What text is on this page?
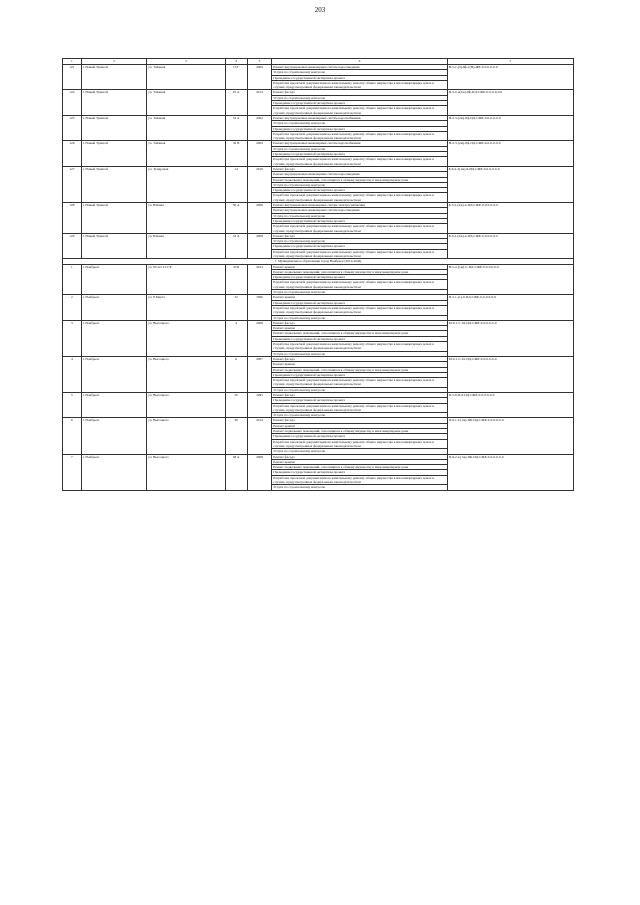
203
1	2	3	4	5	6	7
121	г. Новый Уренгой	ул. Таёжная	13 Г	2004	Ремонт внутридомовых инженерных систем водоотведения	Н-5-1-(3)-8ф-1(Н)-ЖЕ-0-0-0-0-0-0
					Услуги по строительному контролю	
					Проведение государственной экспертизы проекта	
					Разработка проектной документации на капитальному ремонту общего имущества в многоквартирных домах в случаях, предусмотренных федеральным законодательством	
124	г. Новый Уренгой	ул. Таёжная	25 А	2013	Ремонт фасада	Н-3-0-4(1ж)-8ф-ПД-СЖЕ-0-0-0-0-0-0
					Услуги по строительному контролю	
					Проведение государственной экспертизы проекта	
					Разработка проектной документации на капитальному ремонту общего имущества в многоквартирных домах в случаях, предусмотренных федеральным законодательством	
125	г. Новый Уренгой	ул. Таёжная	32 А	2004	Ремонт внутридомовых инженерных систем водоснабжения	Н-2-3-(2ж)-8ф-ПД-СЖЕ-0-0-0-0-0-0
					Услуги по строительному контролю	
					Проведение государственной экспертизы проекта	
					Разработка проектной документации на капитальному ремонту общего имущества в многоквартирных домах в случаях, предусмотренных федеральным законодательством	
126	г. Новый Уренгой	ул. Таёжная	32 В	2004	Ремонт внутридомовых инженерных систем водоснабжения	Н-2-3-(2ж)-8ф-ПД-СЖЕ-0-0-0-0-0-0
					Услуги по строительному контролю	
					Проведение государственной экспертизы проекта	
					Разработка проектной документации на капитальному ремонту общего имущества в многоквартирных домах в случаях, предусмотренных федеральным законодательством	
127	г. Новый Уренгой	ул. Тундровая	14	2016	Ремонт фасада	Б-6-2-4(1ж)-6-НД-СЖЕ-0-0-0-0-0-0
					Ремонт внутридомовых инженерных систем водоотведения	
					Ремонт подвальных помещений, относящихся к общему имуществу в многоквартирном доме	
					Услуги по строительному контролю	
					Проведение государственной экспертизы проекта	
					Разработка проектной документации на капитальному ремонту общего имущества в многоквартирных домах в случаях, предусмотренных федеральным законодательством	
128	г. Новый Уренгой	ул. Южная	30 А	2008	Ремонт внутридомовых инженерных систем электроснабжения	Б-3-2-(2ж)-4-ПД-СЖЕ-0-0-0-0-0-0
					Ремонт внутридомовых инженерных систем водоотведения	
					Услуги по строительному контролю	
					Проведение государственной экспертизы проекта	
					Разработка проектной документации на капитальному ремонту общего имущества в многоквартирных домах в случаях, предусмотренных федеральным законодательством	
129	г. Новый Уренгой	ул. Южная	32 А	2008	Ремонт фасада	Б-3-2-(2ж)-4-ПД-СЖЕ-0-0-0-0-0-0
					Услуги по строительному контролю	
					Проведение государственной экспертизы проекта	
					Разработка проектной документации на капитальному ремонту общего имущества в многоквартирных домах в случаях, предусмотренных федеральным законодательством	
7. Муниципальное образование город Ноябрьск (2014-2046)						
1	г. Ноябрьск	ул. 60 лет СССР	43 Б	2014	Ремонт крыши	Н-5-2-(1ж)-С-ПД-СЖЕ-0-0-0-0-0-0
					Ремонт подвальных помещений, относящихся к общему имуществу в многоквартирном доме	
					Проведение государственной экспертизы проекта	
					Разработка проектной документации на капитальному ремонту общего имущества в многоквартирных домах в случаях, предусмотренных федеральным законодательством	
					Услуги по строительному контролю	
2	г. Ноябрьск	ул. 8 Марта	32	1990	Ремонт крыши	П-5-1-(1)-0-ПД-СЖЕ-0-0-0-0-0-0
					Проведение государственной экспертизы проекта	
					Разработка проектной документации на капитальному ремонту общего имущества в многоквартирных домах в случаях, предусмотренных федеральным законодательством	
					Услуги по строительному контролю	
3	г. Ноябрьск	ул. Высоцкого	4	2008	Ремонт фасада	М-9-1-С-03-ПД-СЖЕ-0-0-0-0-0-0
					Ремонт крыши	
					Ремонт подвальных помещений, относящихся к общему имуществу в многоквартирном доме	
					Проведение государственной экспертизы проекта	
					Разработка проектной документации на капитальному ремонту общего имущества в многоквартирных домах в случаях, предусмотренных федеральным законодательством	
					Услуги по строительному контролю	
4	г. Ноябрьск	ул. Высоцкого	6	2007	Ремонт фасада	М-9-1-С-01-ПД-СЖЕ-0-0-0-0-0-0
					Ремонт крыши	
					Ремонт подвальных помещений, относящихся к общему имуществу в многоквартирном доме	
					Проведение государственной экспертизы проекта	
					Разработка проектной документации на капитальному ремонту общего имущества в многоквартирных домах в случаях, предусмотренных федеральным законодательством	
					Услуги по строительному контролю	
5	г. Ноябрьск	ул. Высоцкого	20	1993	Ремонт фасада	П-5-6-П-0-ПД-СЖЕ-0-0-0-0-0-0
					Проведение государственной экспертизы проекта	
					Разработка проектной документации на капитальному ремонту общего имущества в многоквартирных домах в случаях, предусмотренных федеральным законодательством	
					Услуги по строительному контролю	
6	г. Ноябрьск	ул. Высоцкого	36	2014	Ремонт фасада	П-9-1-С(1ж)-ПК-ПД-СЖЕ-0-0-0-0-0-0
					Ремонт крыши	
					Ремонт подвальных помещений, относящихся к общему имуществу в многоквартирном доме	
					Проведение государственной экспертизы проекта	
					Разработка проектной документации на капитальному ремонту общего имущества в многоквартирных домах в случаях, предусмотренных федеральным законодательством	
					Услуги по строительному контролю	
7	г. Ноябрьск	ул. Высоцкого	38 А	2008	Ремонт фасада	П-9-2-С(1ж)-ПК-ПД-СЖЕ-0-0-0-0-0-0
					Ремонт крыши	
					Ремонт подвальных помещений, относящихся к общему имуществу в многоквартирном доме	
					Проведение государственной экспертизы проекта	
					Разработка проектной документации на капитальному ремонту общего имущества в многоквартирных домах в случаях, предусмотренных федеральным законодательством	
					Услуги по строительному контролю	
